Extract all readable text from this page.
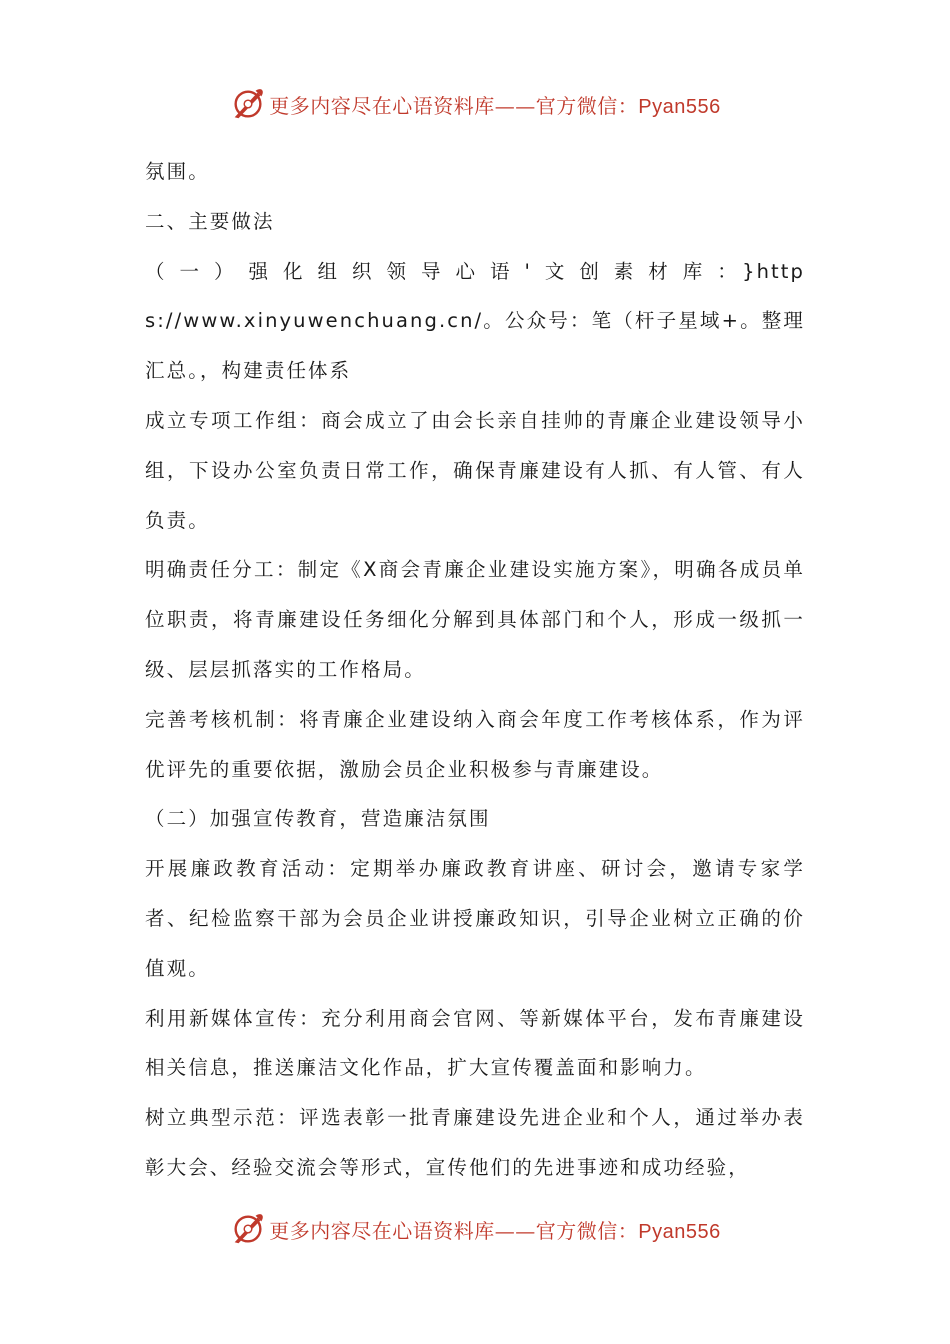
更多内容尽在心语资料库——官方微信：Pyan556

氛围。

二、主要做法

（一）强化组织领导心语'文创素材库：}https://www.xinyuwenchuang.cn/。公众号：笔（杆子星域+。整理汇总。，构建责任体系

成立专项工作组：商会成立了由会长亲自挂帅的青廉企业建设领导小组，下设办公室负责日常工作，确保青廉建设有人抓、有人管、有人负责。

明确责任分工：制定《X商会青廉企业建设实施方案》，明确各成员单位职责，将青廉建设任务细化分解到具体部门和个人，形成一级抓一级、层层抓落实的工作格局。

完善考核机制：将青廉企业建设纳入商会年度工作考核体系，作为评优评先的重要依据，激励会员企业积极参与青廉建设。

（二）加强宣传教育，营造廉洁氛围

开展廉政教育活动：定期举办廉政教育讲座、研讨会，邀请专家学者、纪检监察干部为会员企业讲授廉政知识，引导企业树立正确的价值观。

利用新媒体宣传：充分利用商会官网、等新媒体平台，发布青廉建设相关信息，推送廉洁文化作品，扩大宣传覆盖面和影响力。

树立典型示范：评选表彰一批青廉建设先进企业和个人，通过举办表彰大会、经验交流会等形式，宣传他们的先进事迹和成功经验，

更多内容尽在心语资料库——官方微信：Pyan556
